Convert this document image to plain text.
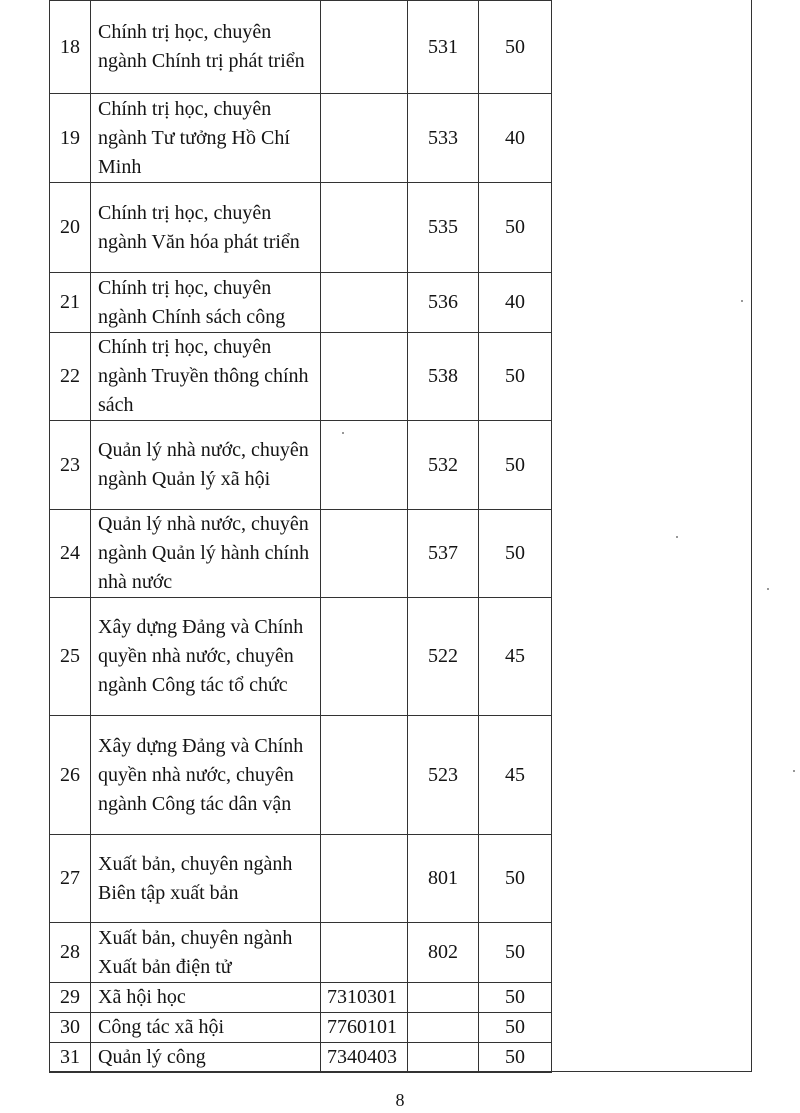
18	Chính trị học, chuyên ngành Chính trị phát triển		531	50
19	Chính trị học, chuyên ngành Tư tưởng Hồ Chí Minh		533	40
20	Chính trị học, chuyên ngành Văn hóa phát triển		535	50
21	Chính trị học, chuyên ngành Chính sách công		536	40
22	Chính trị học, chuyên ngành Truyền thông chính sách		538	50
23	Quản lý nhà nước, chuyên ngành Quản lý xã hội		532	50
24	Quản lý nhà nước, chuyên ngành Quản lý hành chính nhà nước		537	50
25	Xây dựng Đảng và Chính quyền nhà nước, chuyên ngành Công tác tổ chức		522	45
26	Xây dựng Đảng và Chính quyền nhà nước, chuyên ngành Công tác dân vận		523	45
27	Xuất bản, chuyên ngành Biên tập xuất bản		801	50
28	Xuất bản, chuyên ngành Xuất bản điện tử		802	50
29	Xã hội học	7310301		50
30	Công tác xã hội	7760101		50
31	Quản lý công	7340403		50
8
